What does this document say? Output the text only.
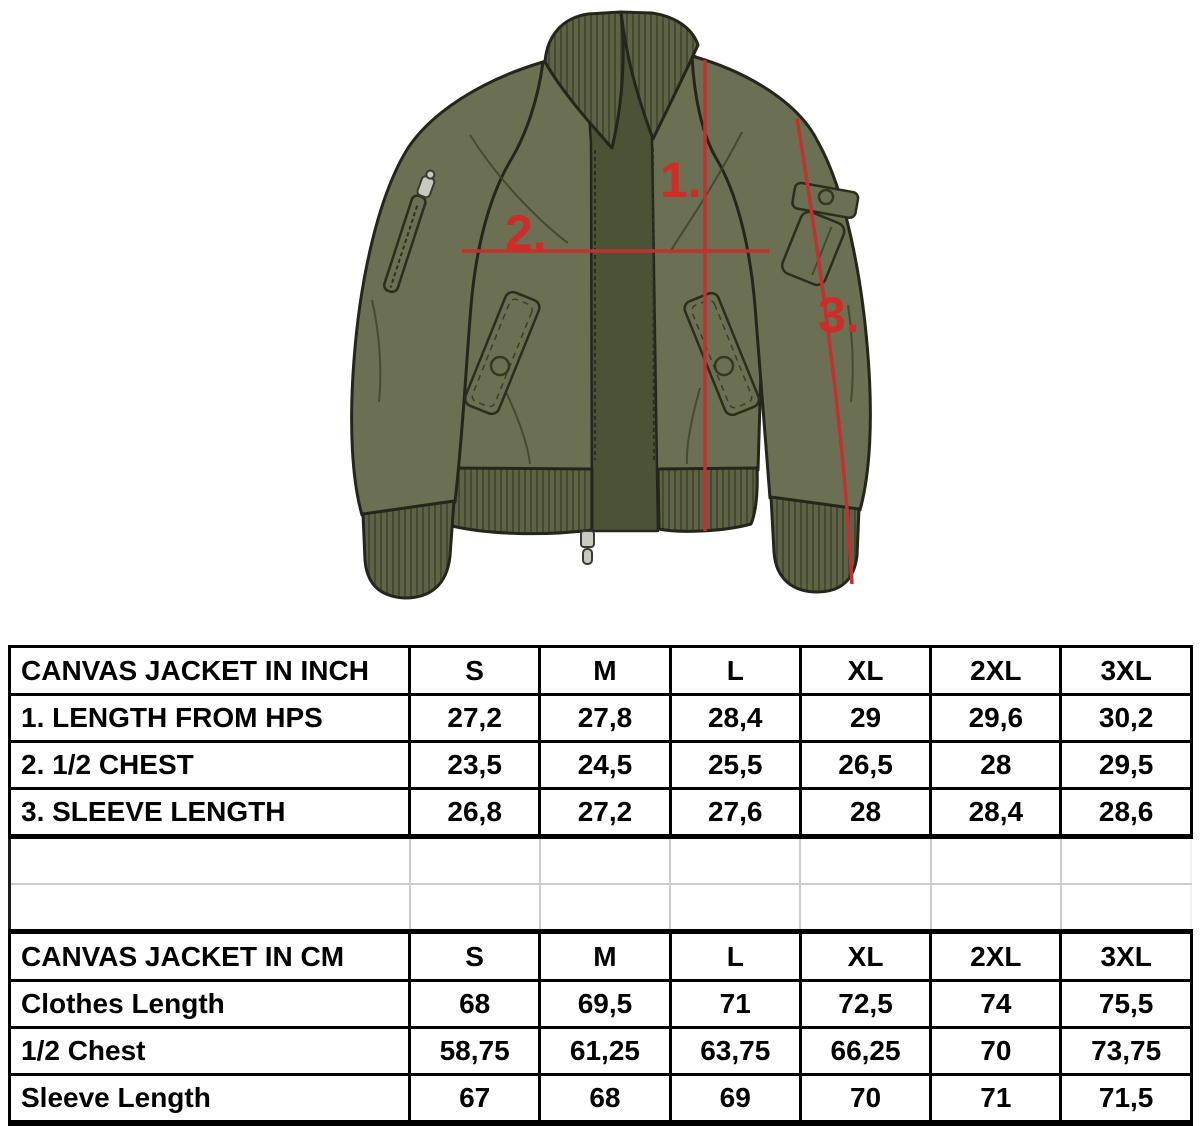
1.
2.
3.
CANVAS JACKET IN INCH	S	M	L	XL	2XL	3XL
1. LENGTH FROM HPS	27,2	27,8	28,4	29	29,6	30,2
2. 1/2 CHEST	23,5	24,5	25,5	26,5	28	29,5
3. SLEEVE LENGTH	26,8	27,2	27,6	28	28,4	28,6

CANVAS JACKET IN CM	S	M	L	XL	2XL	3XL
Clothes Length	68	69,5	71	72,5	74	75,5
1/2 Chest	58,75	61,25	63,75	66,25	70	73,75
Sleeve Length	67	68	69	70	71	71,5
